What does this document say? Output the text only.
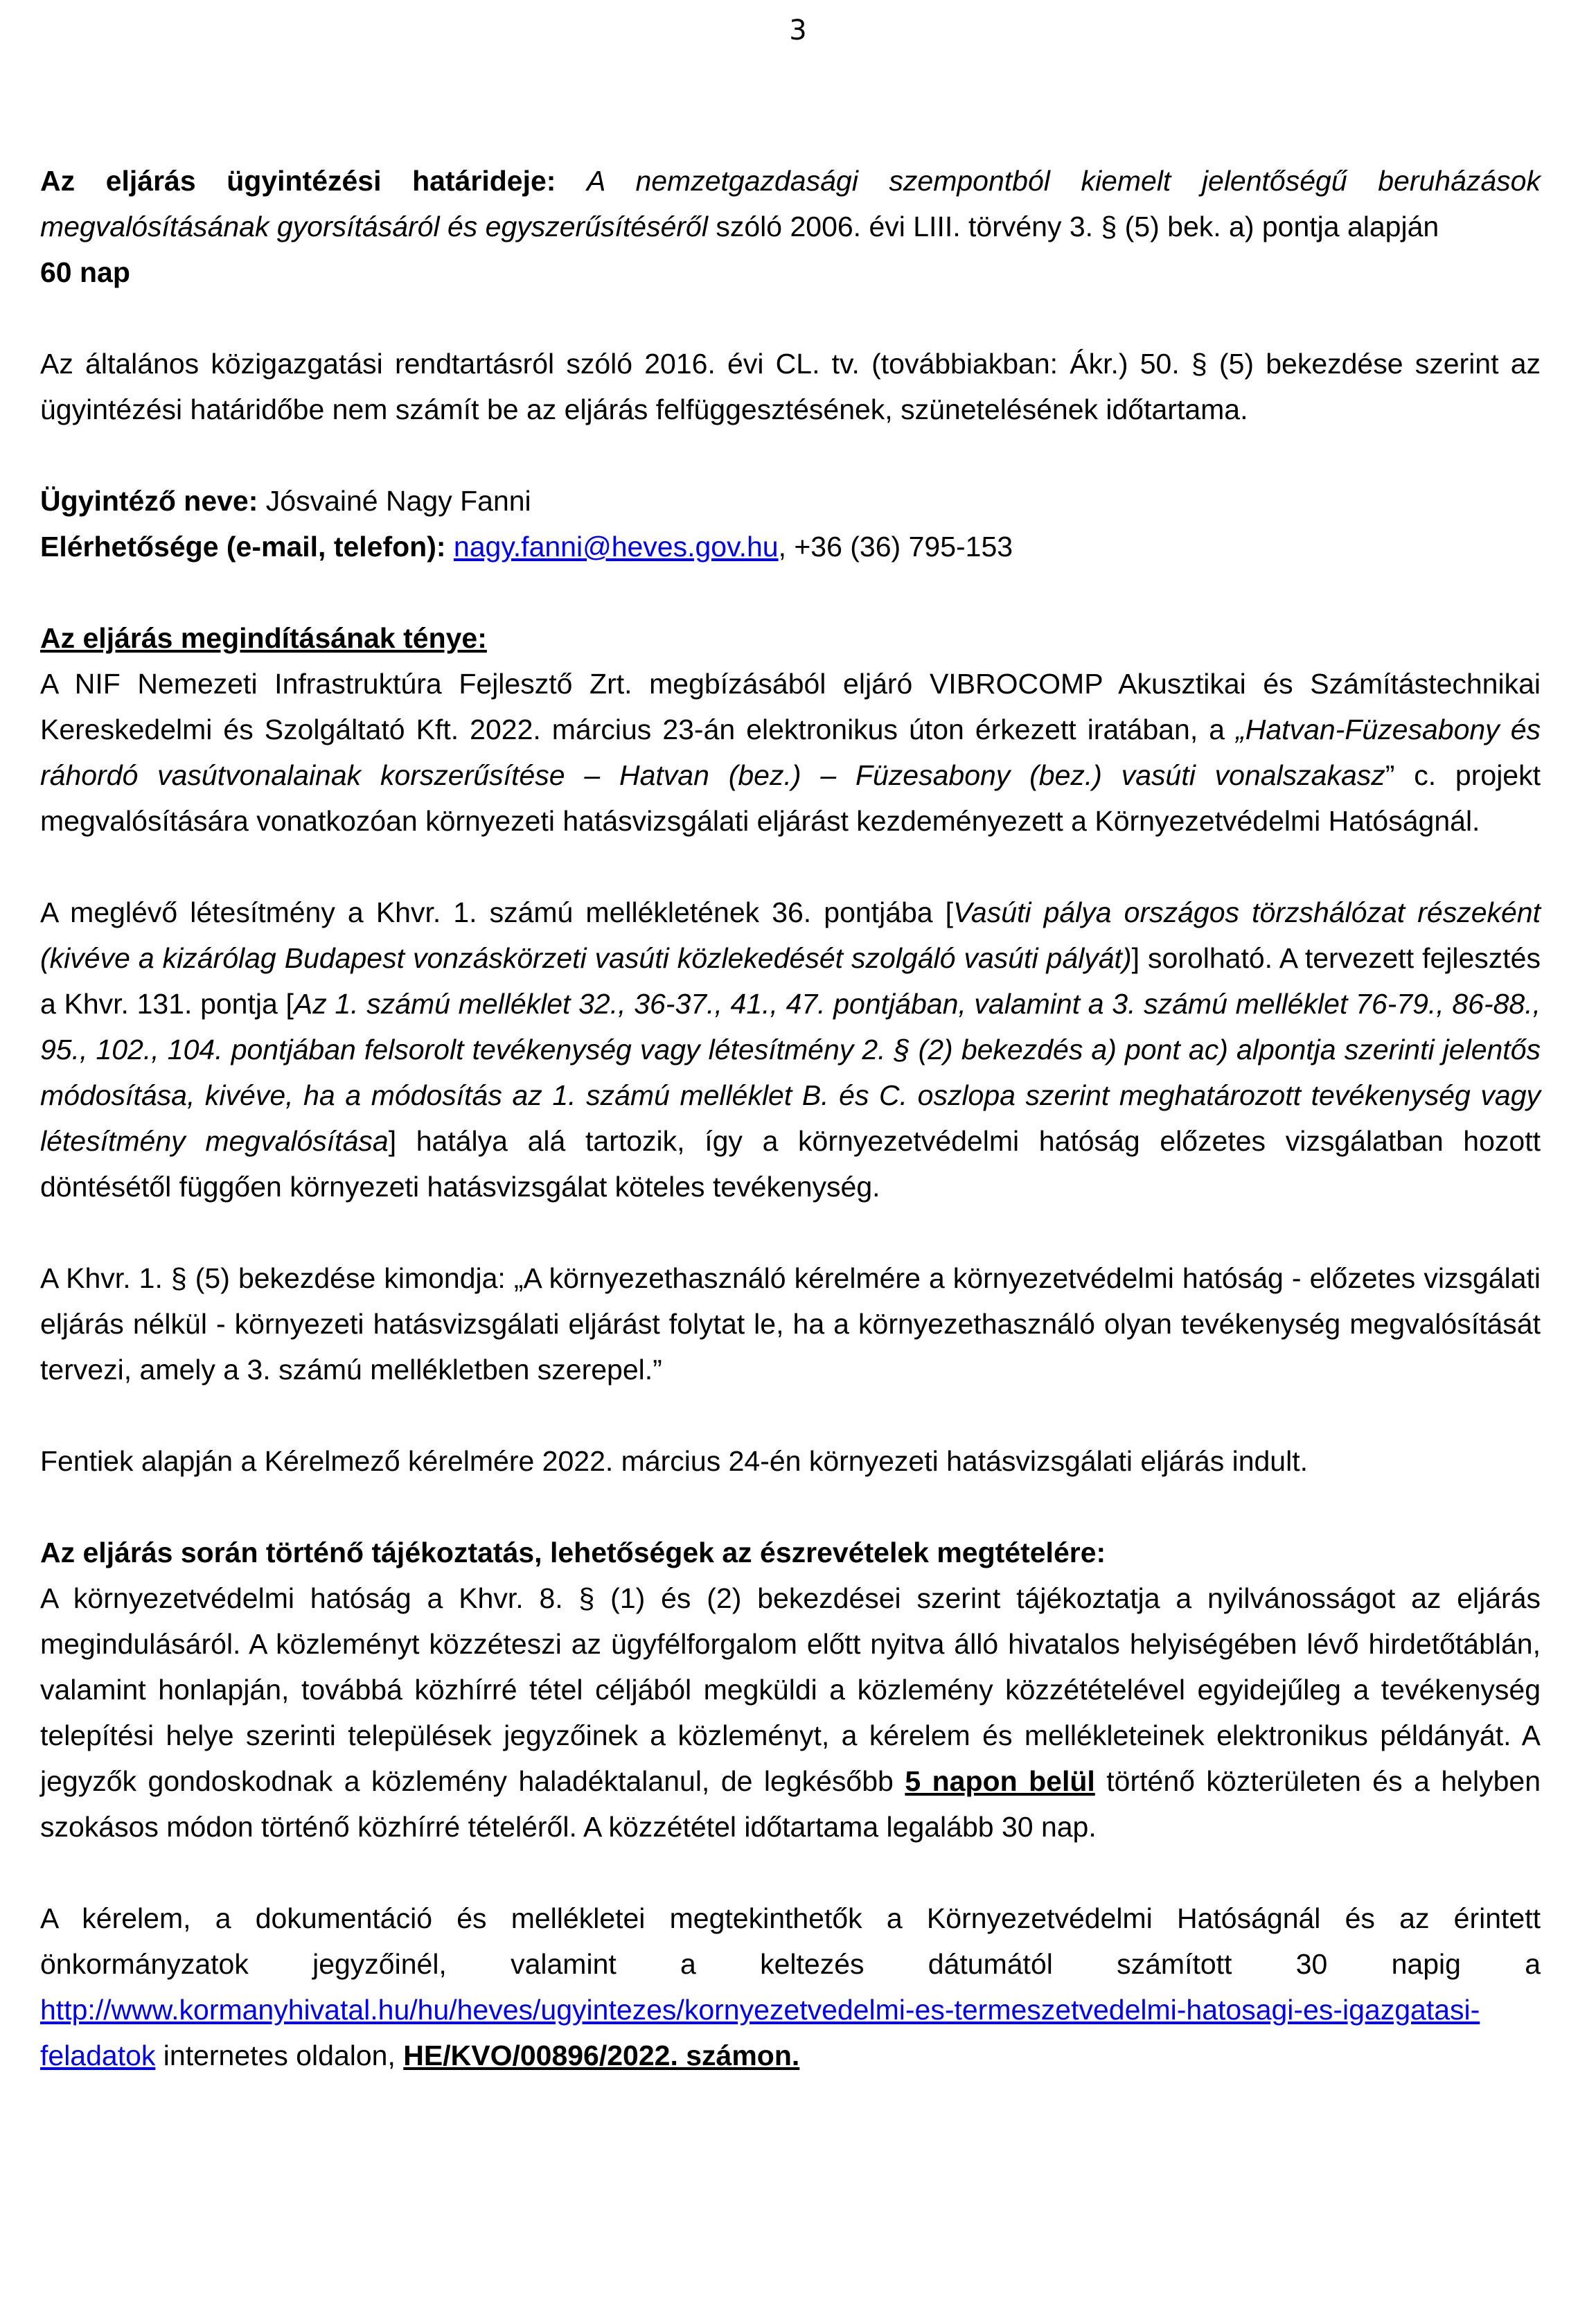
3

Az eljárás ügyintézési határideje: A nemzetgazdasági szempontból kiemelt jelentőségű beruházások megvalósításának gyorsításáról és egyszerűsítéséről szóló 2006. évi LIII. törvény 3. § (5) bek. a) pontja alapján
60 nap

Az általános közigazgatási rendtartásról szóló 2016. évi CL. tv. (továbbiakban: Ákr.) 50. § (5) bekezdése szerint az ügyintézési határidőbe nem számít be az eljárás felfüggesztésének, szünetelésének időtartama.

Ügyintéző neve: Jósvainé Nagy Fanni
Elérhetősége (e-mail, telefon): nagy.fanni@heves.gov.hu, +36 (36) 795-153

Az eljárás megindításának ténye:

A NIF Nemezeti Infrastruktúra Fejlesztő Zrt. megbízásából eljáró VIBROCOMP Akusztikai és Számítástechnikai Kereskedelmi és Szolgáltató Kft. 2022. március 23-án elektronikus úton érkezett iratában, a „Hatvan-Füzesabony és ráhordó vasútvonalainak korszerűsítése – Hatvan (bez.) – Füzesabony (bez.) vasúti vonalszakasz” c. projekt megvalósítására vonatkozóan környezeti hatásvizsgálati eljárást kezdeményezett a Környezetvédelmi Hatóságnál.

A meglévő létesítmény a Khvr. 1. számú mellékletének 36. pontjába [Vasúti pálya országos törzshálózat részeként (kivéve a kizárólag Budapest vonzáskörzeti vasúti közlekedését szolgáló vasúti pályát)] sorolható. A tervezett fejlesztés a Khvr. 131. pontja [Az 1. számú melléklet 32., 36-37., 41., 47. pontjában, valamint a 3. számú melléklet 76-79., 86-88., 95., 102., 104. pontjában felsorolt tevékenység vagy létesítmény 2. § (2) bekezdés a) pont ac) alpontja szerinti jelentős módosítása, kivéve, ha a módosítás az 1. számú melléklet B. és C. oszlopa szerint meghatározott tevékenység vagy létesítmény megvalósítása] hatálya alá tartozik, így a környezetvédelmi hatóság előzetes vizsgálatban hozott döntésétől függően környezeti hatásvizsgálat köteles tevékenység.

A Khvr. 1. § (5) bekezdése kimondja: „A környezethasználó kérelmére a környezetvédelmi hatóság - előzetes vizsgálati eljárás nélkül - környezeti hatásvizsgálati eljárást folytat le, ha a környezethasználó olyan tevékenység megvalósítását tervezi, amely a 3. számú mellékletben szerepel.”

Fentiek alapján a Kérelmező kérelmére 2022. március 24-én környezeti hatásvizsgálati eljárás indult.

Az eljárás során történő tájékoztatás, lehetőségek az észrevételek megtételére:

A környezetvédelmi hatóság a Khvr. 8. § (1) és (2) bekezdései szerint tájékoztatja a nyilvánosságot az eljárás megindulásáról. A közleményt közzéteszi az ügyfélforgalom előtt nyitva álló hivatalos helyiségében lévő hirdetőtáblán, valamint honlapján, továbbá közhírré tétel céljából megküldi a közlemény közzétételével egyidejűleg a tevékenység telepítési helye szerinti települések jegyzőinek a közleményt, a kérelem és mellékleteinek elektronikus példányát. A jegyzők gondoskodnak a közlemény haladéktalanul, de legkésőbb 5 napon belül történő közterületen és a helyben szokásos módon történő közhírré tételéről. A közzététel időtartama legalább 30 nap.

A kérelem, a dokumentáció és mellékletei megtekinthetők a Környezetvédelmi Hatóságnál és az érintett önkormányzatok jegyzőinél, valamint a keltezés dátumától számított 30 napig a http://www.kormanyhivatal.hu/hu/heves/ugyintezes/kornyezetvedelmi-es-termeszetvedelmi-hatosagi-es-igazgatasi-feladatok internetes oldalon, HE/KVO/00896/2022. számon.
